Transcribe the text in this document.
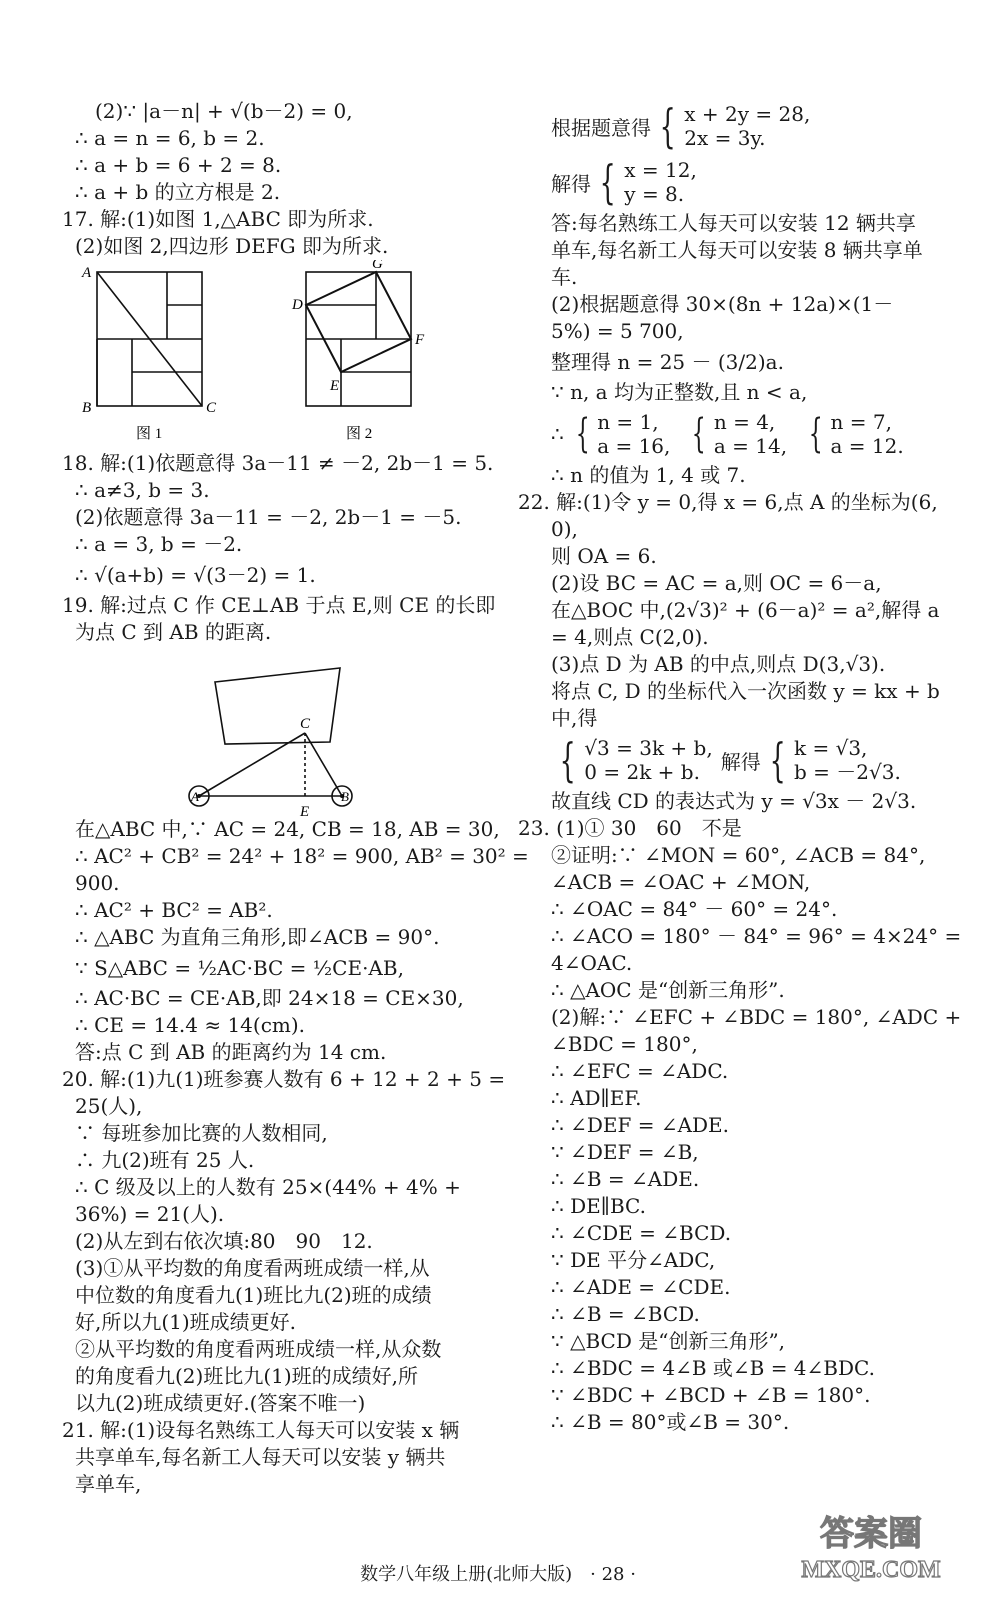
(2)∵ |a－n| + √(b－2) = 0,
∴ a = n = 6, b = 2.
∴ a + b = 6 + 2 = 8.
∴ a + b 的立方根是 2.
17. 解:(1)如图 1,△ABC 即为所求.
(2)如图 2,四边形 DEFG 即为所求.
A
B	C
图 1
D
G
F
E
图 2
18. 解:(1)依题意得 3a－11 ≠ －2, 2b－1 = 5.
∴ a≠3, b = 3.
(2)依题意得 3a－11 = －2, 2b－1 = －5.
∴ a = 3, b = －2.
∴ √(a+b) = √(3－2) = 1.
19. 解:过点 C 作 CE⊥AB 于点 E,则 CE 的长即
为点 C 到 AB 的距离.
C
A	B
E
在△ABC 中,∵ AC = 24, CB = 18, AB = 30,
∴ AC² + CB² = 24² + 18² = 900, AB² = 30² =
900.
∴ AC² + BC² = AB².
∴ △ABC 为直角三角形,即∠ACB = 90°.
∵ S△ABC = ½AC·BC = ½CE·AB,
∴ AC·BC = CE·AB,即 24×18 = CE×30,
∴ CE = 14.4 ≈ 14(cm).
答:点 C 到 AB 的距离约为 14 cm.
20. 解:(1)九(1)班参赛人数有 6 + 12 + 2 + 5 =
25(人),
∵ 每班参加比赛的人数相同,
∴ 九(2)班有 25 人.
∴ C 级及以上的人数有 25×(44% + 4% +
36%) = 21(人).
(2)从左到右依次填:80　90　12.
(3)①从平均数的角度看两班成绩一样,从
中位数的角度看九(1)班比九(2)班的成绩
好,所以九(1)班成绩更好.
②从平均数的角度看两班成绩一样,从众数
的角度看九(2)班比九(1)班的成绩好,所
以九(2)班成绩更好.(答案不唯一)
21. 解:(1)设每名熟练工人每天可以安装 x 辆
共享单车,每名新工人每天可以安装 y 辆共
享单车,
根据题意得 { x + 2y = 28,
2x = 3y.
解得 { x = 12,
y = 8.
答:每名熟练工人每天可以安装 12 辆共享
单车,每名新工人每天可以安装 8 辆共享单
车.
(2)根据题意得 30×(8n + 12a)×(1－
5%) = 5 700,
整理得 n = 25 － (3/2)a.
∵ n, a 均为正整数,且 n < a,
∴ { n = 1,
a = 16, { n = 4,
a = 14, { n = 7,
a = 12.
∴ n 的值为 1, 4 或 7.
22. 解:(1)令 y = 0,得 x = 6,点 A 的坐标为(6,
0),
则 OA = 6.
(2)设 BC = AC = a,则 OC = 6－a,
在△BOC 中,(2√3)² + (6－a)² = a²,解得 a
= 4,则点 C(2,0).
(3)点 D 为 AB 的中点,则点 D(3,√3).
将点 C, D 的坐标代入一次函数 y = kx + b
中,得
{ √3 = 3k + b,
0 = 2k + b.	解得 { k = √3,
b = －2√3.
故直线 CD 的表达式为 y = √3x － 2√3.
23. (1)① 30　60　不是
②证明:∵ ∠MON = 60°, ∠ACB = 84°,
∠ACB = ∠OAC + ∠MON,
∴ ∠OAC = 84° － 60° = 24°.
∴ ∠ACO = 180° － 84° = 96° = 4×24° =
4∠OAC.
∴ △AOC 是“创新三角形”.
(2)解:∵ ∠EFC + ∠BDC = 180°, ∠ADC +
∠BDC = 180°,
∴ ∠EFC = ∠ADC.
∴ AD∥EF.
∴ ∠DEF = ∠ADE.
∵ ∠DEF = ∠B,
∴ ∠B = ∠ADE.
∴ DE∥BC.
∴ ∠CDE = ∠BCD.
∵ DE 平分∠ADC,
∴ ∠ADE = ∠CDE.
∴ ∠B = ∠BCD.
∵ △BCD 是“创新三角形”,
∴ ∠BDC = 4∠B 或∠B = 4∠BDC.
∵ ∠BDC + ∠BCD + ∠B = 180°.
∴ ∠B = 80°或∠B = 30°.
数学八年级上册(北师大版)　· 28 ·
答案圈
MXQE.COM
